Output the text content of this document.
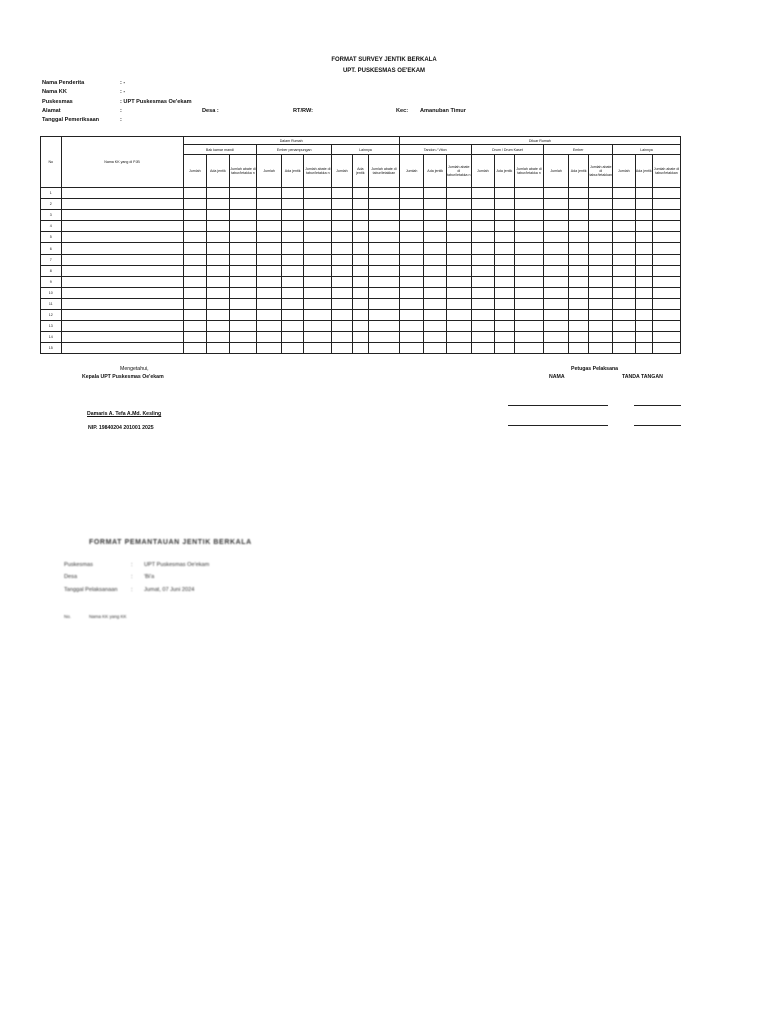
FORMAT SURVEY JENTIK BERKALA
UPT. PUSKESMAS OE'EKAM
Nama Penderita	: -
Nama KK	: -
Puskesmas	: UPT Puskesmas Oe'ekam
Alamat	:	Desa :	RT/RW:	Kec: Amanuban Timur
Tanggal Pemeriksaan	:
No	Nama KK yang di PJB	Dalam Rumah									Diluar Rumah											
		Bak kamar mandi			Ember penampungan			Lainnya			Tandon / Viton			Drum / Drum Kaset			Ember			Lainnya		
		Jumlah	Ada jentik	Jumlah abate di tabur/letakka n	Jumlah	Ada jentik	Jumlah abate di tabur/letakka n	Jumlah	Ada jentik	Jumlah abate di tabur/letakkan	Jumlah	Ada jentik	Jumlah abate di tabur/letakka n	Jumlah	Ada jentik	Jumlah abate di tabur/letakka n	Jumlah	Ada jentik	Jumlah abate di tabur/letakkan	Jumlah	Ada jentik	Jumlah abate di tabur/letakkan
1																						
2																						
3																						
4																						
5																						
6																						
7																						
8																						
9																						
10																						
11																						
12																						
13																						
14																						
15																						
Mengetahui,
Kepala UPT Puskesmas Oe'ekam
Damaris A. Tefa A.Md. Kesling
NIP. 19840204 201001 2025
Petugas Pelaksana
NAMA	TANDA TANGAN
FORMAT PEMANTAUAN JENTIK BERKALA
Puskesmas	: UPT Puskesmas Oe'ekam
Desa	: 'Bi'a
Tanggal Pelaksanaan : Jumat, 07 Juni 2024
No.	Nama KK yang KK
